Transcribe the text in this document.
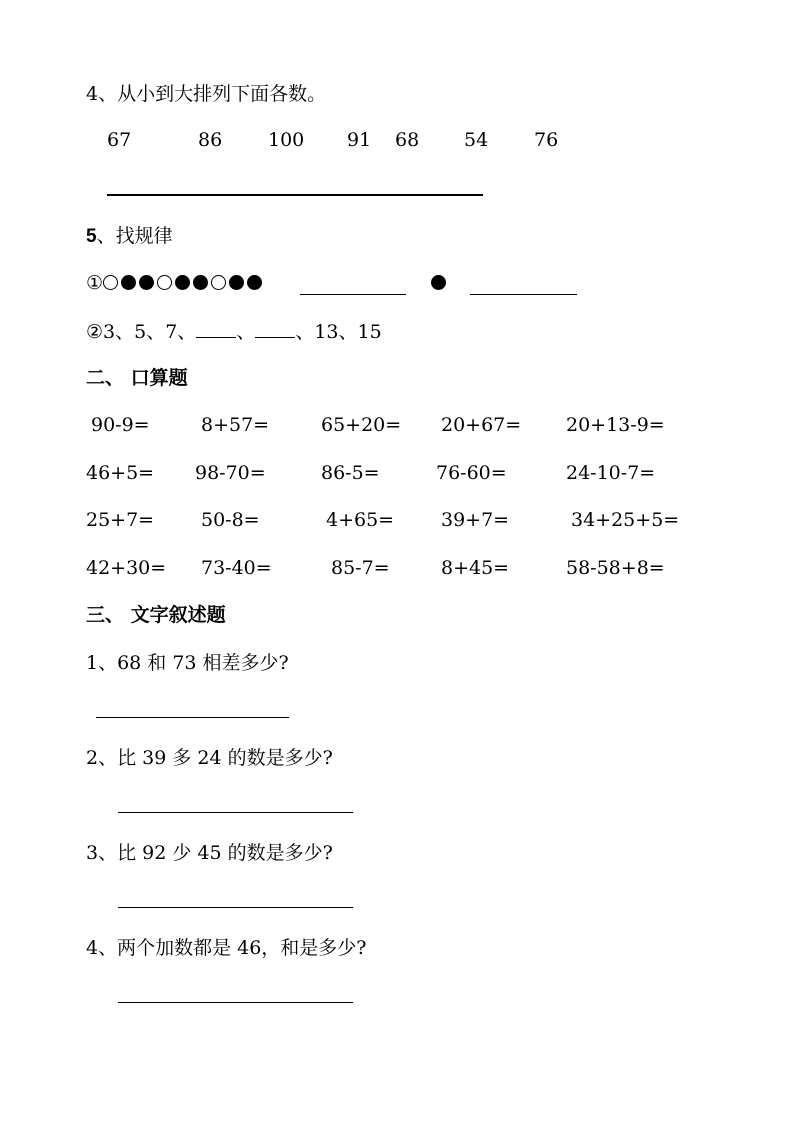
4、从小到大排列下面各数。
67	86 100 91 68 54 76
5、找规律
①
②3、5、7、 、 、13、15
二、 口算题
90-9=	8+57=	65+20= 20+67= 20+13-9=
46+5= 98-70=	86-5=	76-60=	24-10-7=
25+7= 50-8=	4+65= 39+7=	34+25+5=
42+30= 73-40=	85-7=	8+45=	58-58+8=
三、 文字叙述题
1、68 和 73 相差多少?
2、比 39 多 24 的数是多少?
3、比 92 少 45 的数是多少?
4、两个加数都是 46，和是多少?
